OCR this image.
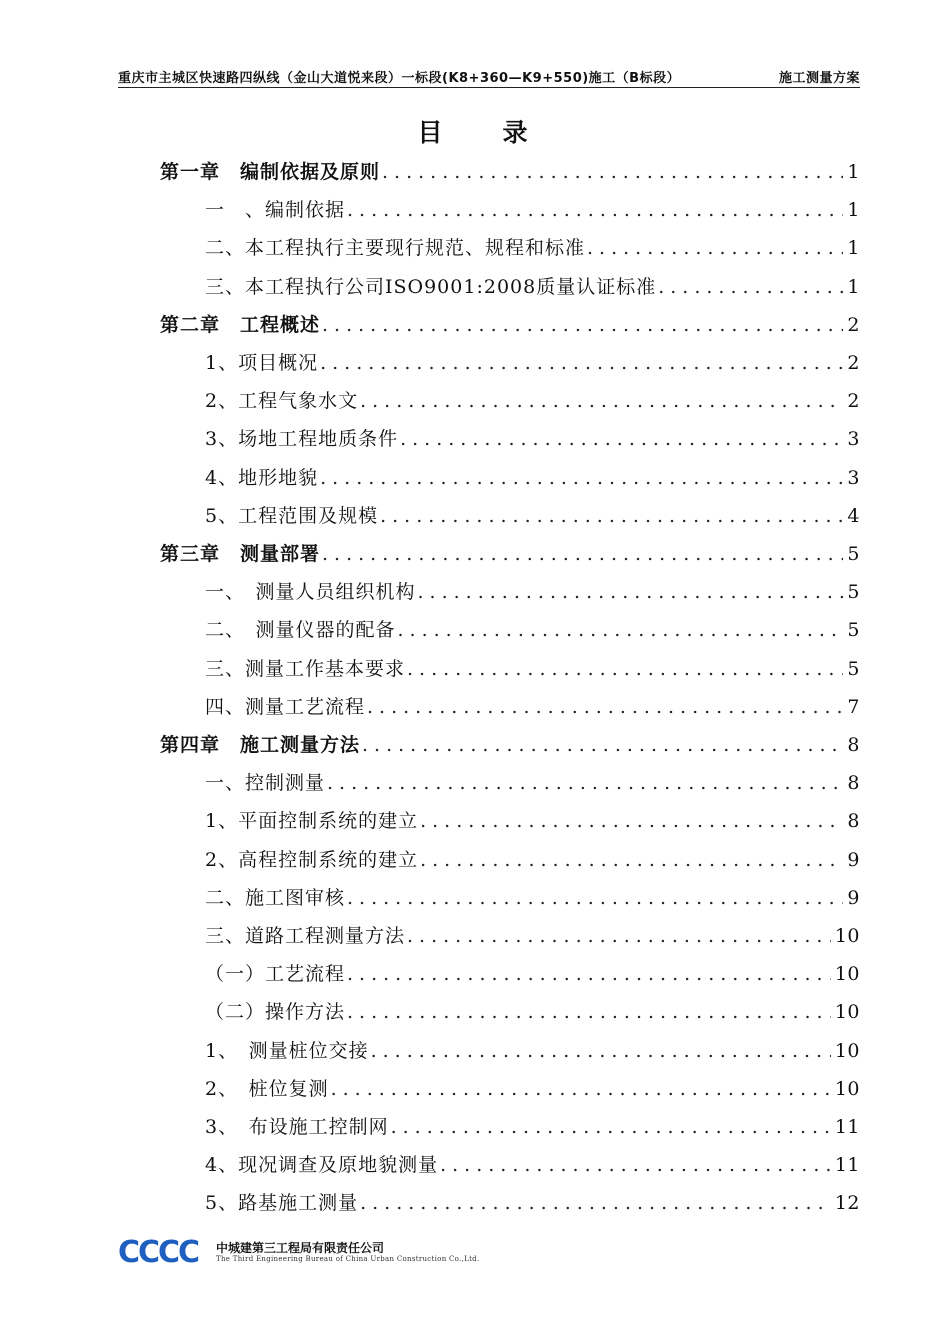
重庆市主城区快速路四纵线（金山大道悦来段）一标段(K8+360—K9+550)施工（B标段）	施工测量方案
目录
第一章　编制依据及原则 .....	1
一　、编制依据 .....	1
二、本工程执行主要现行规范、规程和标准 .....	1
三、本工程执行公司ISO9001:2008质量认证标准 .....	1
第二章　工程概述 .....	2
1、项目概况 .....	2
2、工程气象水文 .....	2
3、场地工程地质条件 .....	3
4、地形地貌 .....	3
5、工程范围及规模 .....	4
第三章　测量部署 .....	5
一、　测量人员组织机构 .....	5
二、　测量仪器的配备 .....	5
三、测量工作基本要求 .....	5
四、测量工艺流程 .....	7
第四章　施工测量方法 .....	8
一、控制测量 .....	8
1、平面控制系统的建立 .....	8
2、高程控制系统的建立 .....	9
二、施工图审核 .....	9
三、道路工程测量方法 .....	10
（一）工艺流程 .....	10
（二）操作方法 .....	10
1、　测量桩位交接 .....	10
2、　桩位复测 .....	10
3、　布设施工控制网 .....	11
4、现况调查及原地貌测量 .....	11
5、路基施工测量 .....	12
CCCC 中城建第三工程局有限责任公司
The Third Engineering Bureau of China Urban Construction Co.,Ltd.
